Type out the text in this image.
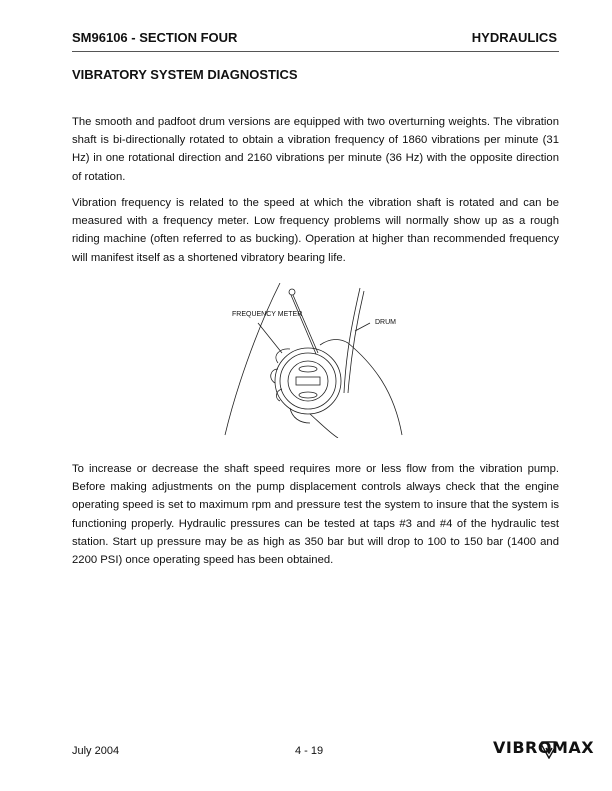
SM96106 - SECTION FOUR	HYDRAULICS
VIBRATORY SYSTEM DIAGNOSTICS

The smooth and padfoot drum versions are equipped with two overturning weights. The vibration shaft is bi-directionally rotated to obtain a vibration frequency of 1860 vibrations per minute (31 Hz) in one rotational direction and 2160 vibrations per minute (36 Hz) with the opposite direction of rotation.

Vibration frequency is related to the speed at which the vibration shaft is rotated and can be measured with a frequency meter. Low frequency problems will normally show up as a rough riding machine (often referred to as bucking). Operation at higher than recommended frequency will manifest itself as a shortened vibratory bearing life.

FREQUENCY METER
DRUM

To increase or decrease the shaft speed requires more or less flow from the vibration pump. Before making adjustments on the pump displacement controls always check that the engine operating speed is set to maximum rpm and pressure test the system to insure that the system is functioning properly. Hydraulic pressures can be tested at taps #3 and #4 of the hydraulic test station. Start up pressure may be as high as 350 bar but will drop to 100 to 150 bar (1400 and 2200 PSI) once operating speed has been obtained.

July 2004	4 - 19	VIBROMAX
